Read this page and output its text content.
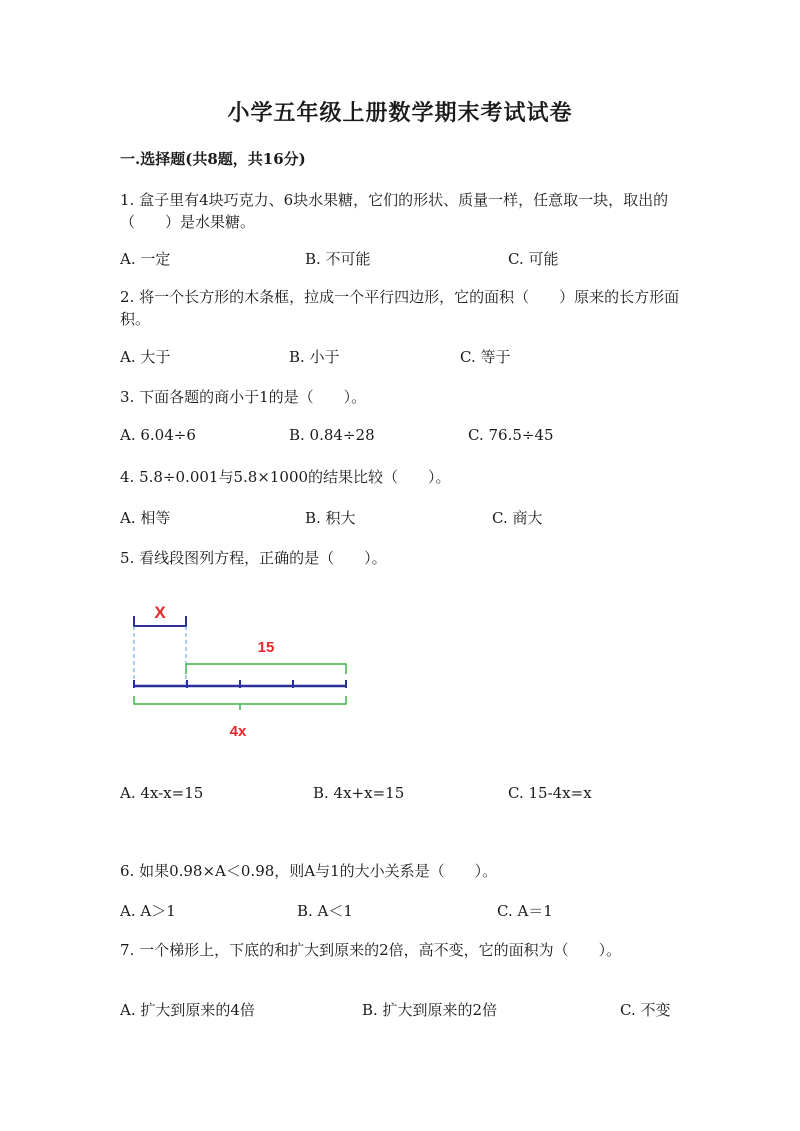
小学五年级上册数学期末考试试卷
一.选择题(共8题，共16分)
1. 盒子里有4块巧克力、6块水果糖，它们的形状、质量一样，任意取一块，取出的（　　）是水果糖。
A. 一定	B. 不可能	C. 可能
2. 将一个长方形的木条框，拉成一个平行四边形，它的面积（　　）原来的长方形面积。
A. 大于	B. 小于	C. 等于
3. 下面各题的商小于1的是（　　）。
A. 6.04÷6	B. 0.84÷28	C. 76.5÷45
4. 5.8÷0.001与5.8×1000的结果比较（　　）。
A. 相等	B. 积大	C. 商大
5. 看线段图列方程，正确的是（　　）。
X
15
4x
A. 4x-x=15	B. 4x+x=15	C. 15-4x=x
6. 如果0.98×A＜0.98，则A与1的大小关系是（　　）。
A. A＞1	B. A＜1	C. A＝1
7. 一个梯形上，下底的和扩大到原来的2倍，高不变，它的面积为（　　）。
A. 扩大到原来的4倍	B. 扩大到原来的2倍	C. 不变
